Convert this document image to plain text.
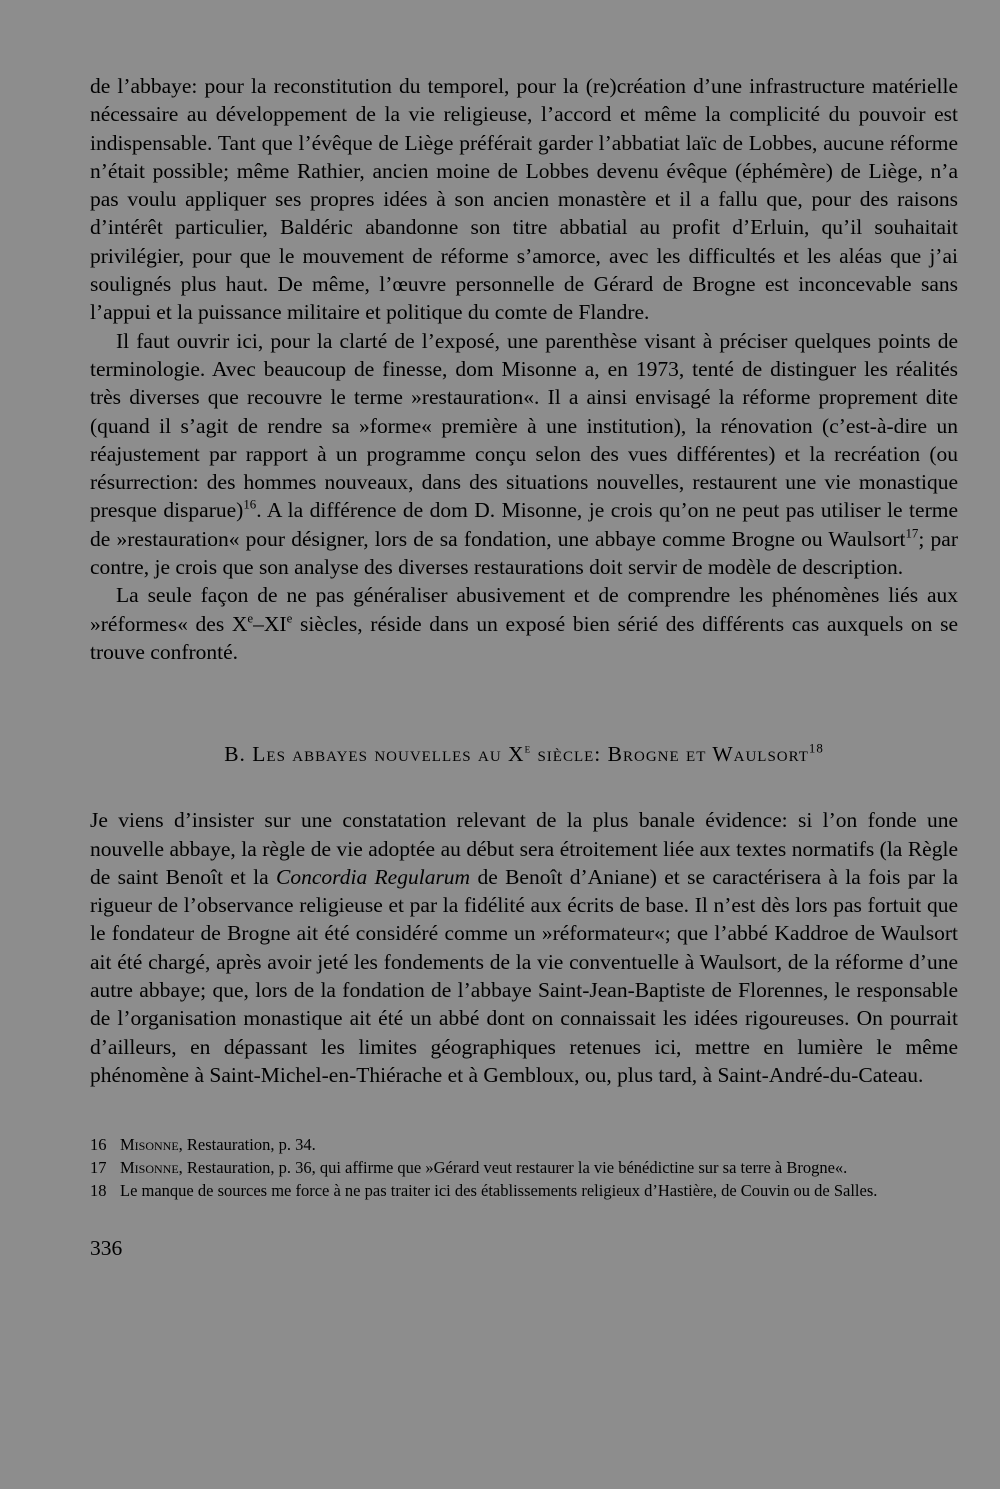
de l’abbaye: pour la reconstitution du temporel, pour la (re)création d’une infrastructure matérielle nécessaire au développement de la vie religieuse, l’accord et même la complicité du pouvoir est indispensable. Tant que l’évêque de Liège préférait garder l’abbatiat laïc de Lobbes, aucune réforme n’était possible; même Rathier, ancien moine de Lobbes devenu évêque (éphémère) de Liège, n’a pas voulu appliquer ses propres idées à son ancien monastère et il a fallu que, pour des raisons d’intérêt particulier, Baldéric abandonne son titre abbatial au profit d’Erluin, qu’il souhaitait privilégier, pour que le mouvement de réforme s’amorce, avec les difficultés et les aléas que j’ai soulignés plus haut. De même, l’œuvre personnelle de Gérard de Brogne est inconcevable sans l’appui et la puissance militaire et politique du comte de Flandre.

Il faut ouvrir ici, pour la clarté de l’exposé, une parenthèse visant à préciser quelques points de terminologie. Avec beaucoup de finesse, dom Misonne a, en 1973, tenté de distinguer les réalités très diverses que recouvre le terme »restauration«. Il a ainsi envisagé la réforme proprement dite (quand il s’agit de rendre sa »forme« première à une institution), la rénovation (c’est-à-dire un réajustement par rapport à un programme conçu selon des vues différentes) et la recréation (ou résurrection: des hommes nouveaux, dans des situations nouvelles, restaurent une vie monastique presque disparue)$^{16}$. A la différence de dom D. Misonne, je crois qu’on ne peut pas utiliser le terme de »restauration« pour désigner, lors de sa fondation, une abbaye comme Brogne ou Waulsort$^{17}$; par contre, je crois que son analyse des diverses restaurations doit servir de modèle de description.

La seule façon de ne pas généraliser abusivement et de comprendre les phénomènes liés aux »réformes« des Xe–XIe siècles, réside dans un exposé bien sérié des différents cas auxquels on se trouve confronté.

B. Les abbayes nouvelles au Xe siècle: Brogne et Waulsort$^{18}$

Je viens d’insister sur une constatation relevant de la plus banale évidence: si l’on fonde une nouvelle abbaye, la règle de vie adoptée au début sera étroitement liée aux textes normatifs (la Règle de saint Benoît et la Concordia Regularum de Benoît d’Aniane) et se caractérisera à la fois par la rigueur de l’observance religieuse et par la fidélité aux écrits de base. Il n’est dès lors pas fortuit que le fondateur de Brogne ait été considéré comme un »réformateur«; que l’abbé Kaddroe de Waulsort ait été chargé, après avoir jeté les fondements de la vie conventuelle à Waulsort, de la réforme d’une autre abbaye; que, lors de la fondation de l’abbaye Saint-Jean-Baptiste de Florennes, le responsable de l’organisation monastique ait été un abbé dont on connaissait les idées rigoureuses. On pourrait d’ailleurs, en dépassant les limites géographiques retenues ici, mettre en lumière le même phénomène à Saint-Michel-en-Thiérache et à Gembloux, ou, plus tard, à Saint-André-du-Cateau.

16 Misonne, Restauration, p. 34.
17 Misonne, Restauration, p. 36, qui affirme que »Gérard veut restaurer la vie bénédictine sur sa terre à Brogne«.
18 Le manque de sources me force à ne pas traiter ici des établissements religieux d’Hastière, de Couvin ou de Salles.
336
